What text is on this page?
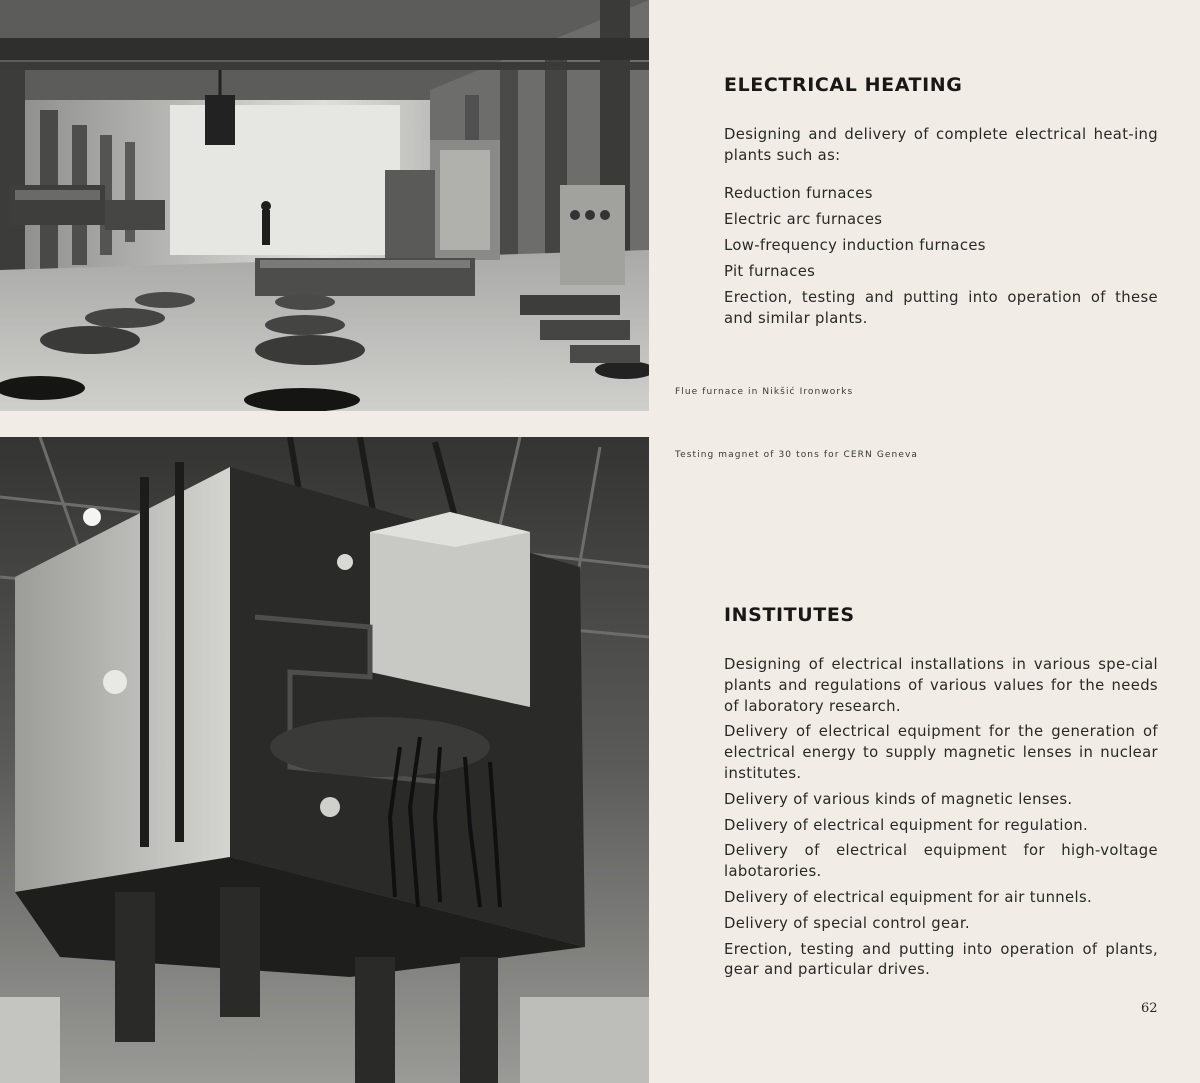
ELECTRICAL HEATING

Designing and delivery of complete electrical heat-ing plants such as:

Reduction furnaces

Electric arc furnaces

Low-frequency induction furnaces

Pit furnaces

Erection, testing and putting into operation of these and similar plants.

Flue furnace in Nikšić Ironworks

Testing magnet of 30 tons for CERN Geneva

INSTITUTES

Designing of electrical installations in various spe-cial plants and regulations of various values for the needs of laboratory research.

Delivery of electrical equipment for the generation of electrical energy to supply magnetic lenses in nuclear institutes.

Delivery of various kinds of magnetic lenses.

Delivery of electrical equipment for regulation.

Delivery of electrical equipment for high-voltage labotarories.

Delivery of electrical equipment for air tunnels.

Delivery of special control gear.

Erection, testing and putting into operation of plants, gear and particular drives.

62
